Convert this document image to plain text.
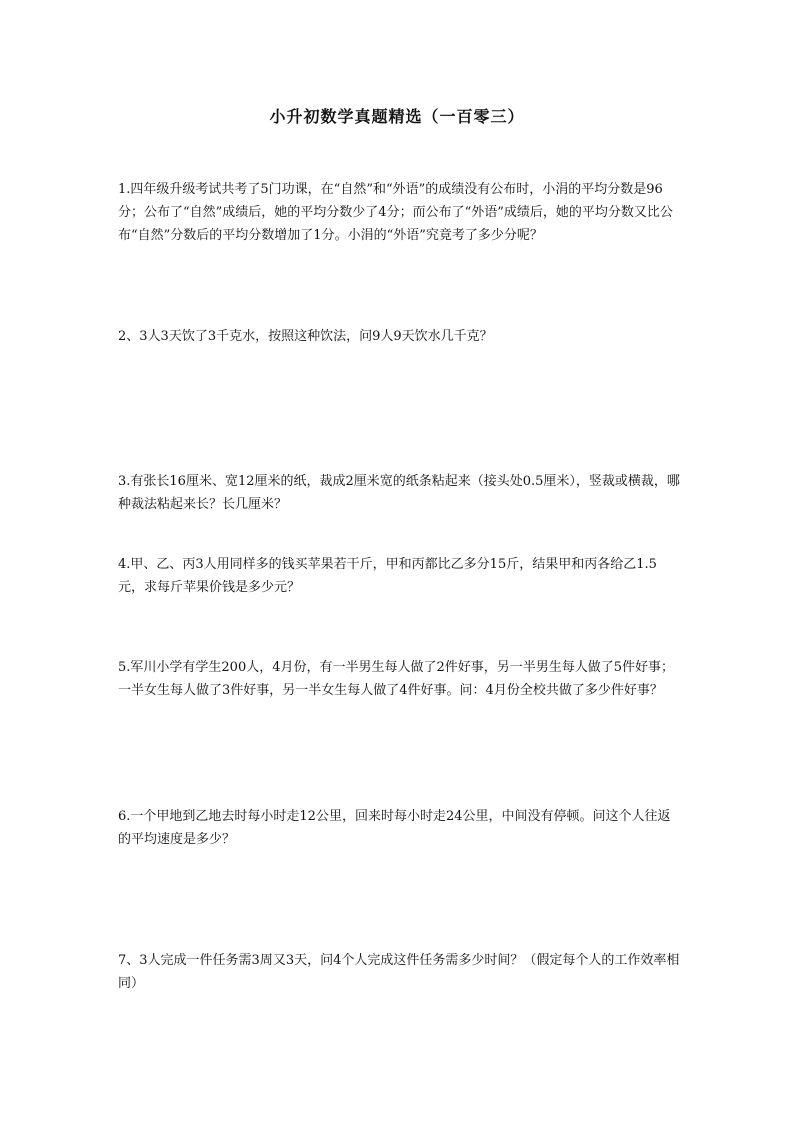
小升初数学真题精选（一百零三）

1.四年级升级考试共考了5门功课，在“自然”和“外语”的成绩没有公布时，小涓的平均分数是96分；公布了“自然”成绩后，她的平均分数少了4分；而公布了“外语”成绩后，她的平均分数又比公布“自然”分数后的平均分数增加了1分。小涓的“外语”究竟考了多少分呢？

2、3人3天饮了3千克水，按照这种饮法，问9人9天饮水几千克？

3.有张长16厘米、宽12厘米的纸，裁成2厘米宽的纸条粘起来（接头处0.5厘米），竖裁或横裁，哪种裁法粘起来长？长几厘米？

4.甲、乙、丙3人用同样多的钱买苹果若干斤，甲和丙都比乙多分15斤，结果甲和丙各给乙1.5元，求每斤苹果价钱是多少元？

5.军川小学有学生200人，4月份，有一半男生每人做了2件好事，另一半男生每人做了5件好事；一半女生每人做了3件好事，另一半女生每人做了4件好事。问：4月份全校共做了多少件好事？

6.一个甲地到乙地去时每小时走12公里，回来时每小时走24公里，中间没有停顿。问这个人往返的平均速度是多少？

7、3人完成一件任务需3周又3天，问4个人完成这件任务需多少时间？（假定每个人的工作效率相同）
